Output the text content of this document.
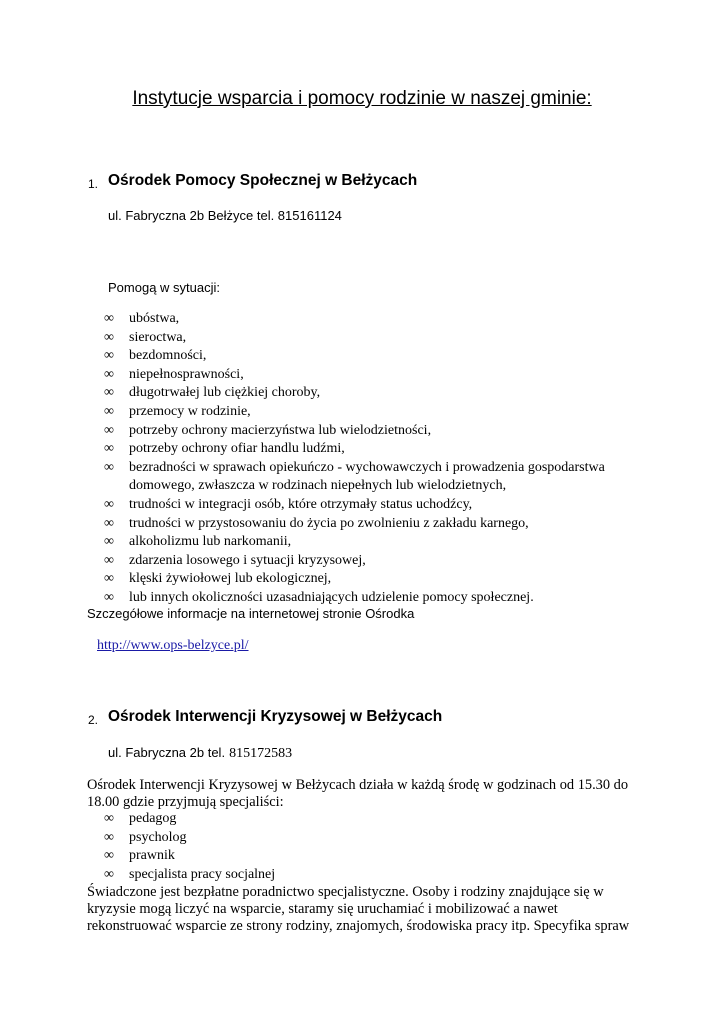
Instytucje wsparcia i pomocy rodzinie w naszej gminie:
1. Ośrodek Pomocy Społecznej w Bełżycach
ul. Fabryczna 2b Bełżyce tel. 815161124
Pomogą w sytuacji:
∞ ubóstwa,
∞ sieroctwa,
∞ bezdomności,
∞ niepełnosprawności,
∞ długotrwałej lub ciężkiej choroby,
∞ przemocy w rodzinie,
∞ potrzeby ochrony macierzyństwa lub wielodzietności,
∞ potrzeby ochrony ofiar handlu ludźmi,
∞ bezradności w sprawach opiekuńczo - wychowawczych i prowadzenia gospodarstwa
domowego, zwłaszcza w rodzinach niepełnych lub wielodzietnych,
∞ trudności w integracji osób, które otrzymały status uchodźcy,
∞ trudności w przystosowaniu do życia po zwolnieniu z zakładu karnego,
∞ alkoholizmu lub narkomanii,
∞ zdarzenia losowego i sytuacji kryzysowej,
∞ klęski żywiołowej lub ekologicznej,
∞ lub innych okoliczności uzasadniających udzielenie pomocy społecznej.
Szczegółowe informacje na internetowej stronie Ośrodka
http://www.ops-belzyce.pl/
2. Ośrodek Interwencji Kryzysowej w Bełżycach
ul. Fabryczna 2b tel. 815172583
Ośrodek Interwencji Kryzysowej w Bełżycach działa w każdą środę w godzinach od 15.30 do
18.00 gdzie przyjmują specjaliści:
∞ pedagog
∞ psycholog
∞ prawnik
∞ specjalista pracy socjalnej
Świadczone jest bezpłatne poradnictwo specjalistyczne. Osoby i rodziny znajdujące się w
kryzysie mogą liczyć na wsparcie, staramy się uruchamiać i mobilizować a nawet
rekonstruować wsparcie ze strony rodziny, znajomych, środowiska pracy itp. Specyfika spraw
